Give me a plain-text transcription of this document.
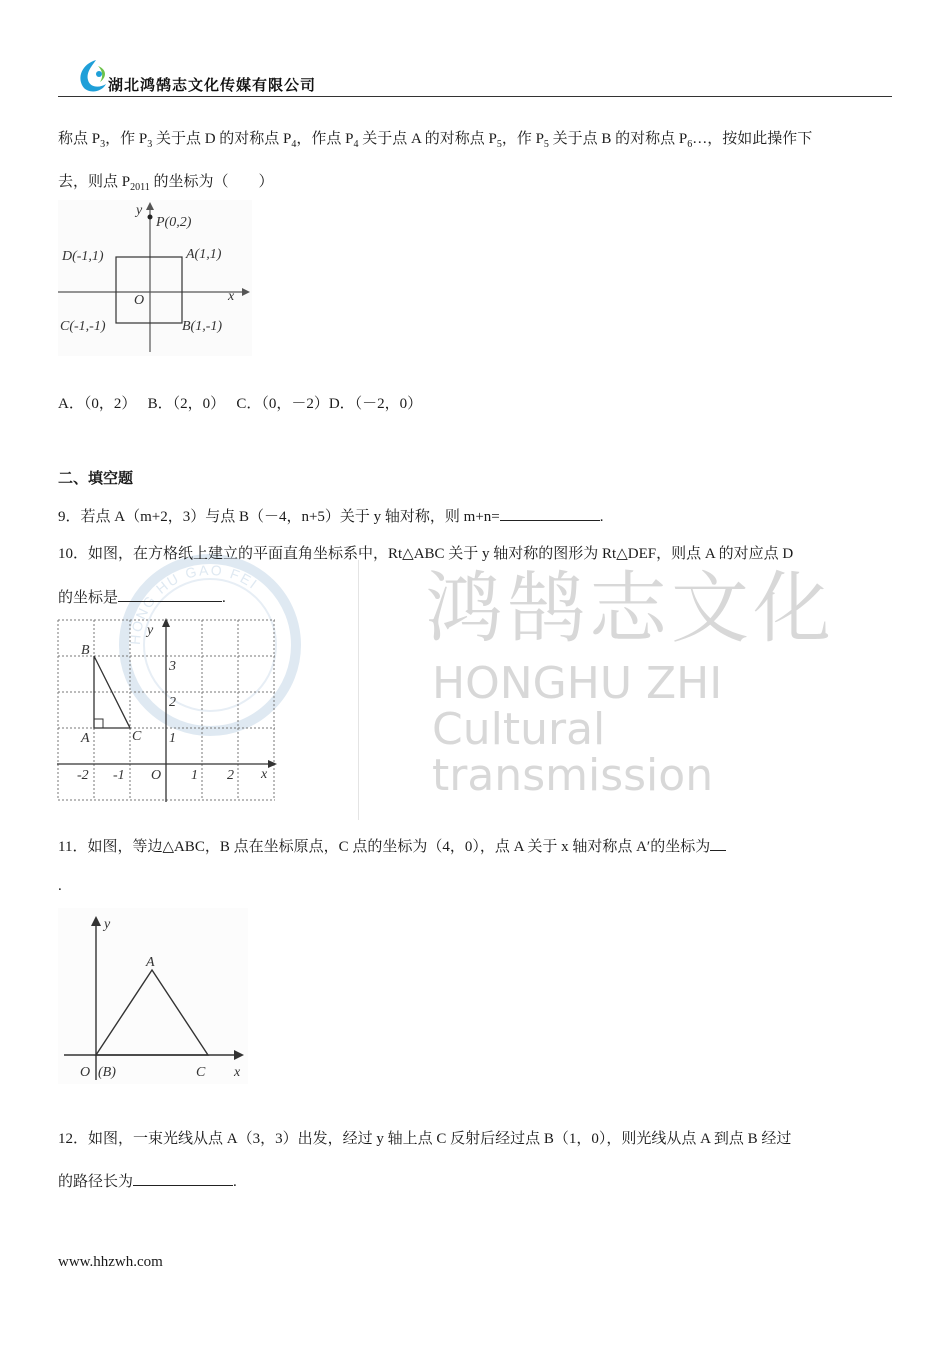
HONG HU GAO FEI 鸿鹄志文化
HONGHU ZHI
Cultural
transmission
湖北鸿鹄志文化传媒有限公司
称点 $P_3$，作 $P_3$ 关于点 D 的对称点 $P_4$，作点 $P_4$ 关于点 A 的对称点 $P_5$，作 $P_5$ 关于点 B 的对称点 $P_6\dots$，按如此操作下
去，则点 $P_{2011}$ 的坐标为（　　）
y
P(0,2)
D(-1,1)	A(1,1)
O	x
C(-1,-1)	B(1,-1)
A．（0，2）　 B．（2，0）　 C．（0，－2）D．（－2，0）
二、填空题
9．若点 A（m+2，3）与点 B（－4，n+5）关于 y 轴对称，则 m+n=	.
10．如图，在方格纸上建立的平面直角坐标系中，Rt△ABC 关于 y 轴对称的图形为 Rt△DEF，则点 A 的对应点 D
的坐标是	.
B
y
3
2
A	C 1
-2 -1 O 1 2 x
11．如图，等边△ABC，B 点在坐标原点，C 点的坐标为（4，0），点 A 关于 x 轴对称点 A′的坐标为
.
y
A
O (B)	C x
12．如图，一束光线从点 A（3，3）出发，经过 y 轴上点 C 反射后经过点 B（1，0），则光线从点 A 到点 B 经过
的路径长为	.
www.hhzwh.com
